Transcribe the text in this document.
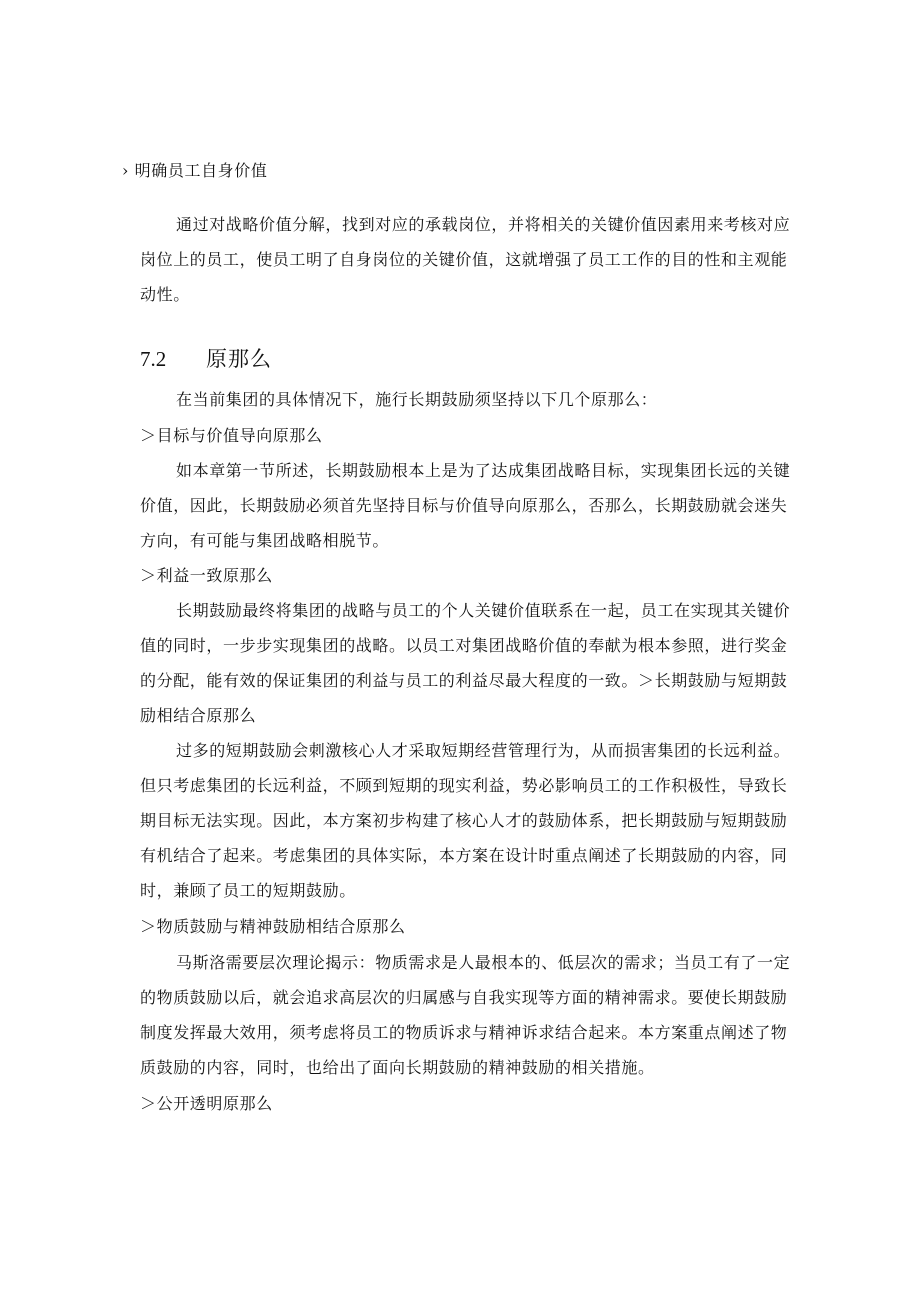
› 明确员工自身价值
通过对战略价值分解，找到对应的承载岗位，并将相关的关键价值因素用来考核对应
岗位上的员工，使员工明了自身岗位的关键价值，这就增强了员工工作的目的性和主观能
动性。
7.2 原那么
在当前集团的具体情况下，施行长期鼓励须坚持以下几个原那么：
＞目标与价值导向原那么
如本章第一节所述，长期鼓励根本上是为了达成集团战略目标，实现集团长远的关键
价值，因此，长期鼓励必须首先坚持目标与价值导向原那么，否那么，长期鼓励就会迷失
方向，有可能与集团战略相脱节。
＞利益一致原那么
长期鼓励最终将集团的战略与员工的个人关键价值联系在一起，员工在实现其关键价
值的同时，一步步实现集团的战略。以员工对集团战略价值的奉献为根本参照，进行奖金
的分配，能有效的保证集团的利益与员工的利益尽最大程度的一致。＞长期鼓励与短期鼓
励相结合原那么
过多的短期鼓励会刺激核心人才采取短期经营管理行为，从而损害集团的长远利益。
但只考虑集团的长远利益，不顾到短期的现实利益，势必影响员工的工作积极性，导致长
期目标无法实现。因此，本方案初步构建了核心人才的鼓励体系，把长期鼓励与短期鼓励
有机结合了起来。考虑集团的具体实际，本方案在设计时重点阐述了长期鼓励的内容，同
时，兼顾了员工的短期鼓励。
＞物质鼓励与精神鼓励相结合原那么
马斯洛需要层次理论揭示：物质需求是人最根本的、低层次的需求；当员工有了一定
的物质鼓励以后，就会追求高层次的归属感与自我实现等方面的精神需求。要使长期鼓励
制度发挥最大效用，须考虑将员工的物质诉求与精神诉求结合起来。本方案重点阐述了物
质鼓励的内容，同时，也给出了面向长期鼓励的精神鼓励的相关措施。
＞公开透明原那么
